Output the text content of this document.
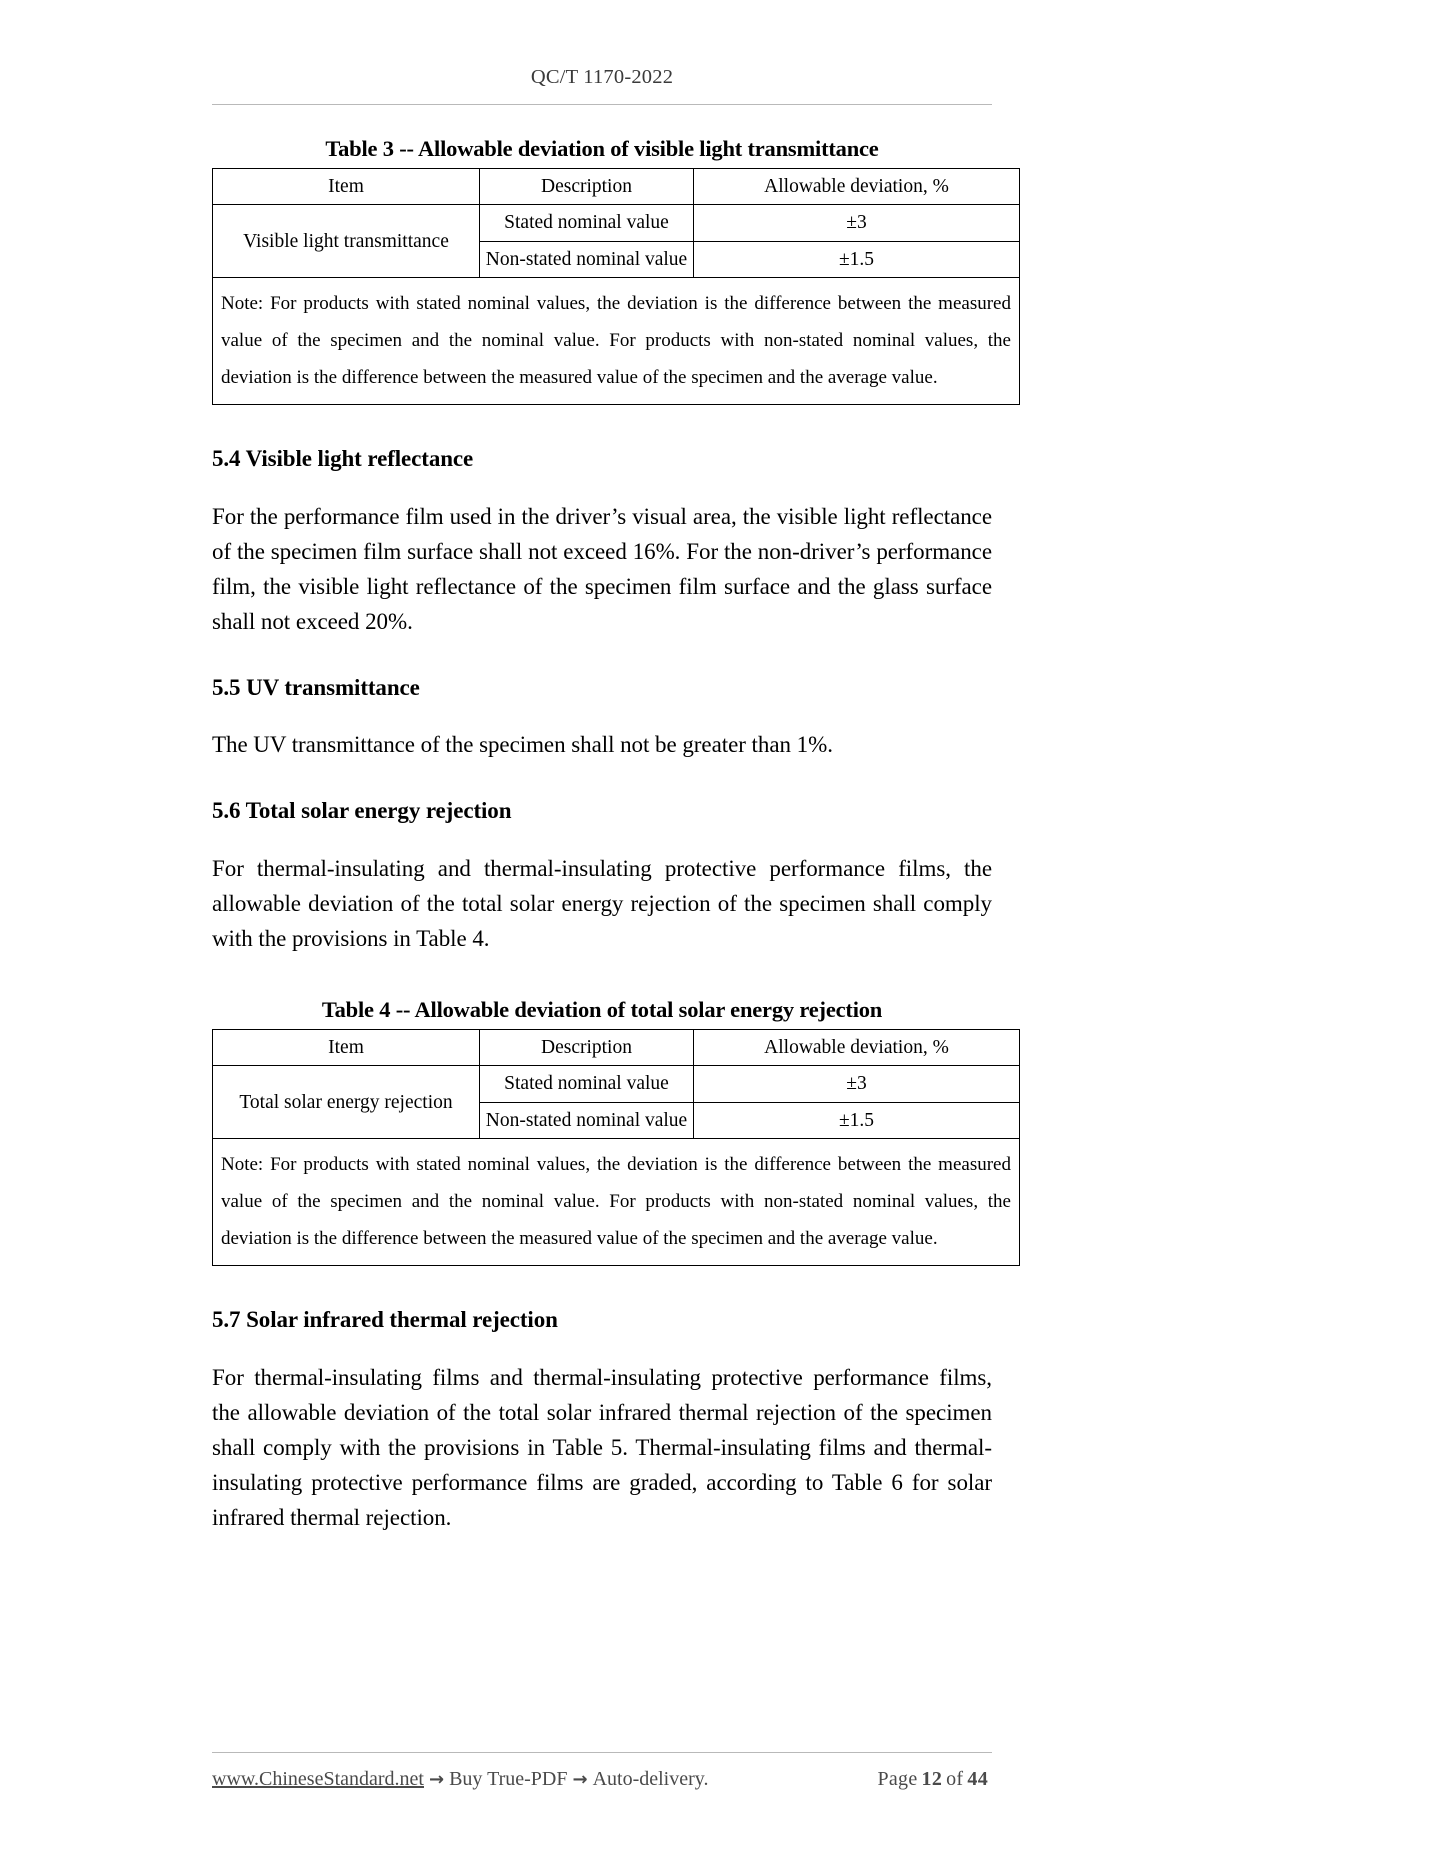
QC/T 1170-2022
Table 3 -- Allowable deviation of visible light transmittance
Item	Description	Allowable deviation, %
Visible light transmittance	Stated nominal value	±3
	Non-stated nominal value	±1.5
Note: For products with stated nominal values, the deviation is the difference between the measured value of the specimen and the nominal value. For products with non-stated nominal values, the deviation is the difference between the measured value of the specimen and the average value.		
5.4 Visible light reflectance

For the performance film used in the driver’s visual area, the visible light reflectance of the specimen film surface shall not exceed 16%. For the non-driver’s performance film, the visible light reflectance of the specimen film surface and the glass surface shall not exceed 20%.

5.5 UV transmittance

The UV transmittance of the specimen shall not be greater than 1%.

5.6 Total solar energy rejection

For thermal-insulating and thermal-insulating protective performance films, the allowable deviation of the total solar energy rejection of the specimen shall comply with the provisions in Table 4.

Table 4 -- Allowable deviation of total solar energy rejection
Item	Description	Allowable deviation, %
Total solar energy rejection	Stated nominal value	±3
	Non-stated nominal value	±1.5
Note: For products with stated nominal values, the deviation is the difference between the measured value of the specimen and the nominal value. For products with non-stated nominal values, the deviation is the difference between the measured value of the specimen and the average value.		
5.7 Solar infrared thermal rejection

For thermal-insulating films and thermal-insulating protective performance films, the allowable deviation of the total solar infrared thermal rejection of the specimen shall comply with the provisions in Table 5. Thermal-insulating films and thermal-insulating protective performance films are graded, according to Table 6 for solar infrared thermal rejection.

www.ChineseStandard.net → Buy True-PDF → Auto-delivery.	Page 12 of 44
